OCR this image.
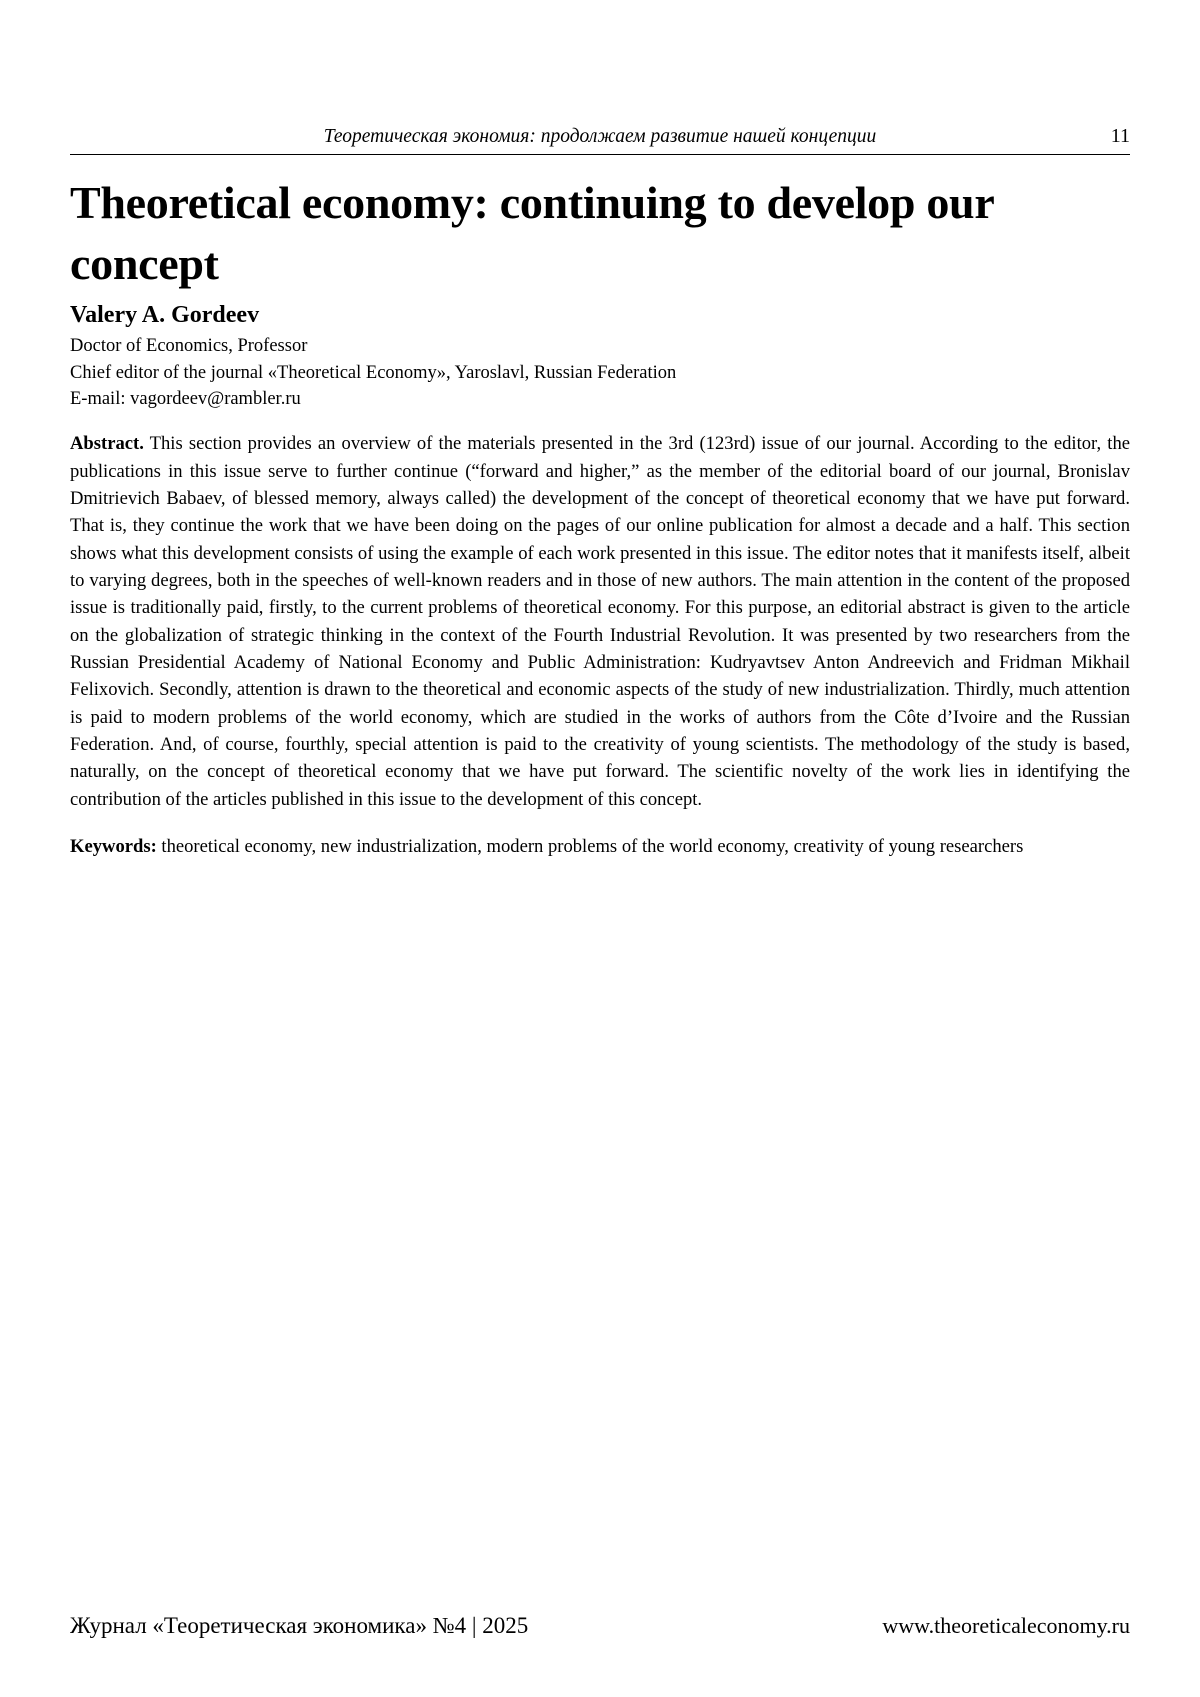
Теоретическая экономия: продолжаем развитие нашей концепции	11
Theoretical economy: continuing to develop our concept
Valery A. Gordeev
Doctor of Economics, Professor
Chief editor of the journal «Theoretical Economy», Yaroslavl, Russian Federation
E-mail: vagordeev@rambler.ru

Abstract. This section provides an overview of the materials presented in the 3rd (123rd) issue of our journal. According to the editor, the publications in this issue serve to further continue (“forward and higher,” as the member of the editorial board of our journal, Bronislav Dmitrievich Babaev, of blessed memory, always called) the development of the concept of theoretical economy that we have put forward. That is, they continue the work that we have been doing on the pages of our online publication for almost a decade and a half. This section shows what this development consists of using the example of each work presented in this issue. The editor notes that it manifests itself, albeit to varying degrees, both in the speeches of well-known readers and in those of new authors. The main attention in the content of the proposed issue is traditionally paid, firstly, to the current problems of theoretical economy. For this purpose, an editorial abstract is given to the article on the globalization of strategic thinking in the context of the Fourth Industrial Revolution. It was presented by two researchers from the Russian Presidential Academy of National Economy and Public Administration: Kudryavtsev Anton Andreevich and Fridman Mikhail Felixovich. Secondly, attention is drawn to the theoretical and economic aspects of the study of new industrialization. Thirdly, much attention is paid to modern problems of the world economy, which are studied in the works of authors from the Côte d’Ivoire and the Russian Federation. And, of course, fourthly, special attention is paid to the creativity of young scientists. The methodology of the study is based, naturally, on the concept of theoretical economy that we have put forward. The scientific novelty of the work lies in identifying the contribution of the articles published in this issue to the development of this concept.

Keywords: theoretical economy, new industrialization, modern problems of the world economy, creativity of young researchers

Журнал «Теоретическая экономика» №4 | 2025	www.theoreticaleconomy.ru
